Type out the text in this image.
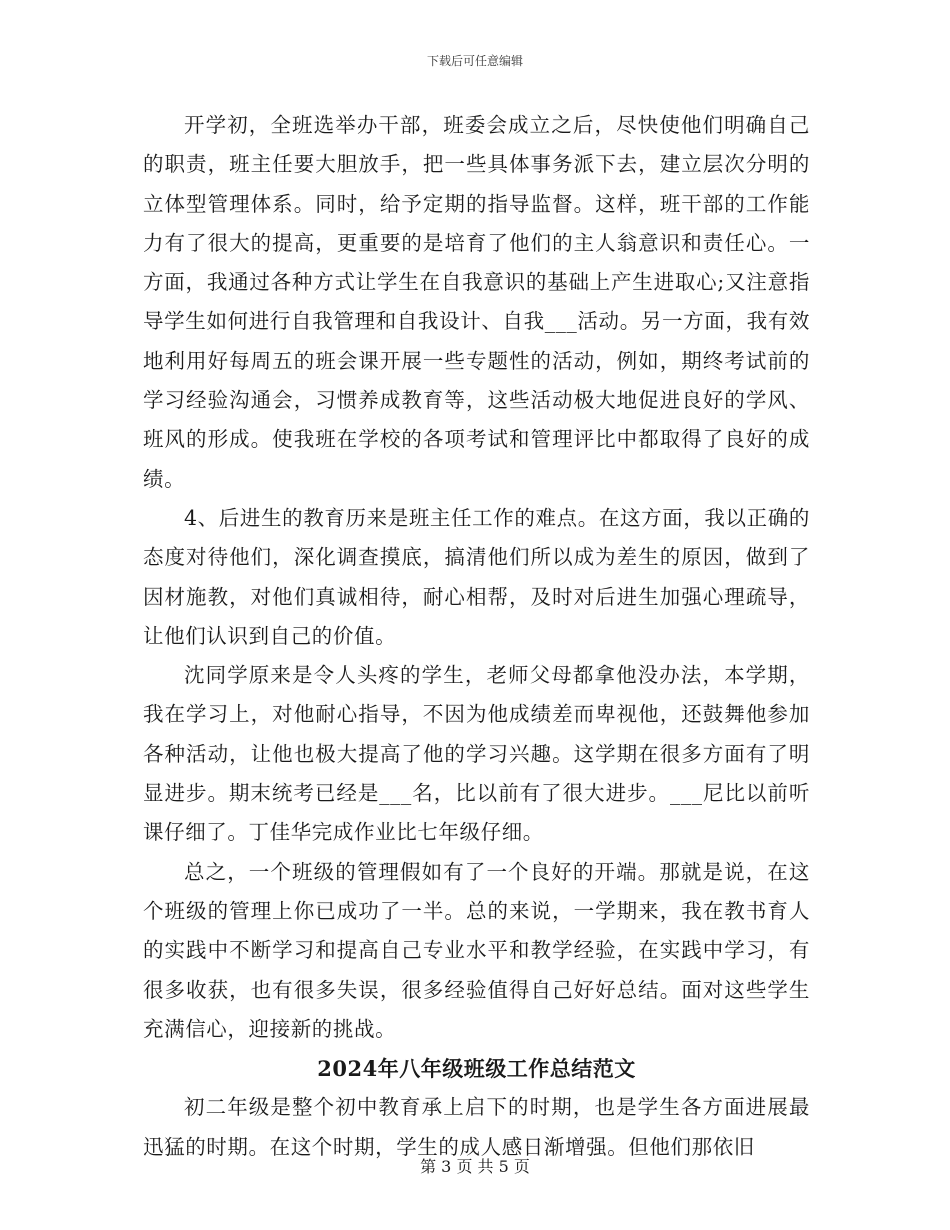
下载后可任意编辑

开学初，全班选举办干部，班委会成立之后，尽快使他们明确自己的职责，班主任要大胆放手，把一些具体事务派下去，建立层次分明的立体型管理体系。同时，给予定期的指导监督。这样，班干部的工作能力有了很大的提高，更重要的是培育了他们的主人翁意识和责任心。一方面，我通过各种方式让学生在自我意识的基础上产生进取心;又注意指导学生如何进行自我管理和自我设计、自我___活动。另一方面，我有效地利用好每周五的班会课开展一些专题性的活动，例如，期终考试前的学习经验沟通会，习惯养成教育等，这些活动极大地促进良好的学风、班风的形成。使我班在学校的各项考试和管理评比中都取得了良好的成绩。

4、后进生的教育历来是班主任工作的难点。在这方面，我以正确的态度对待他们，深化调查摸底，搞清他们所以成为差生的原因，做到了因材施教，对他们真诚相待，耐心相帮，及时对后进生加强心理疏导，让他们认识到自己的价值。

沈同学原来是令人头疼的学生，老师父母都拿他没办法，本学期，我在学习上，对他耐心指导，不因为他成绩差而卑视他，还鼓舞他参加各种活动，让他也极大提高了他的学习兴趣。这学期在很多方面有了明显进步。期末统考已经是___名，比以前有了很大进步。___尼比以前听课仔细了。丁佳华完成作业比七年级仔细。

总之，一个班级的管理假如有了一个良好的开端。那就是说，在这个班级的管理上你已成功了一半。总的来说，一学期来，我在教书育人的实践中不断学习和提高自己专业水平和教学经验，在实践中学习，有很多收获，也有很多失误，很多经验值得自己好好总结。面对这些学生充满信心，迎接新的挑战。

2024年八年级班级工作总结范文

初二年级是整个初中教育承上启下的时期，也是学生各方面进展最迅猛的时期。在这个时期，学生的成人感日渐增强。但他们那依旧

第 3 页 共 5 页
